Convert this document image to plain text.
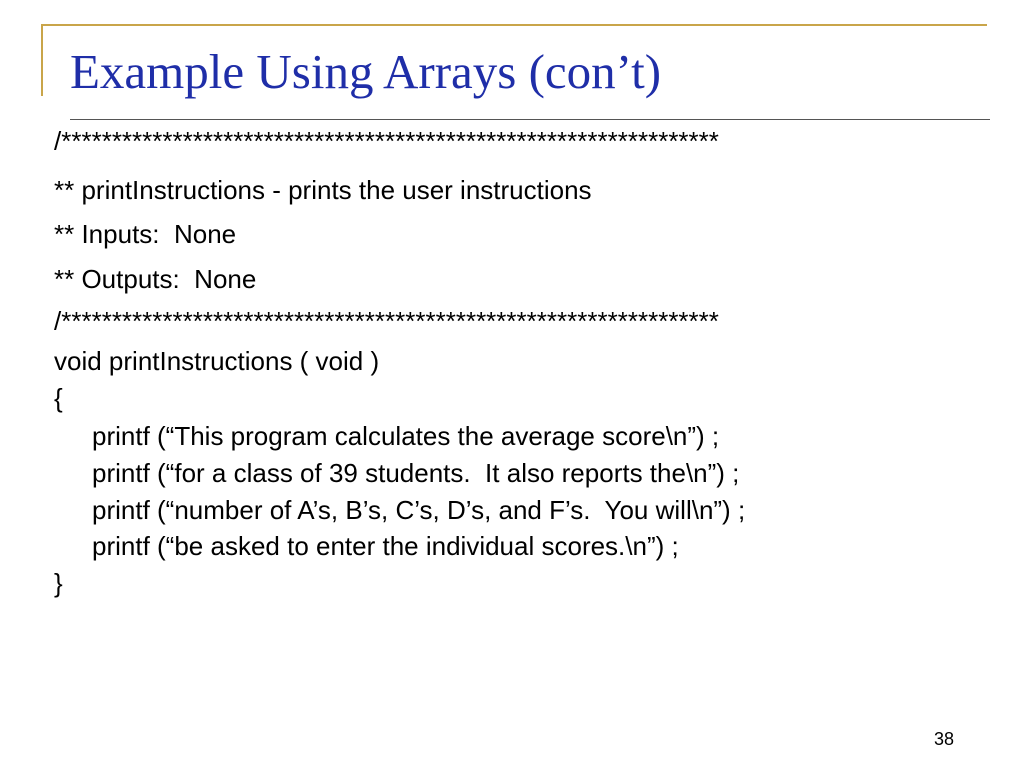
Example Using Arrays (con’t)

/*****************************************************************

** printInstructions - prints the user instructions

** Inputs:  None

** Outputs:  None

/*****************************************************************

void printInstructions ( void )

{

printf (“This program calculates the average score\n”) ;

printf (“for a class of 39 students.  It also reports the\n”) ;

printf (“number of A’s, B’s, C’s, D’s, and F’s.  You will\n”) ;

printf (“be asked to enter the individual scores.\n”) ;

}

38
